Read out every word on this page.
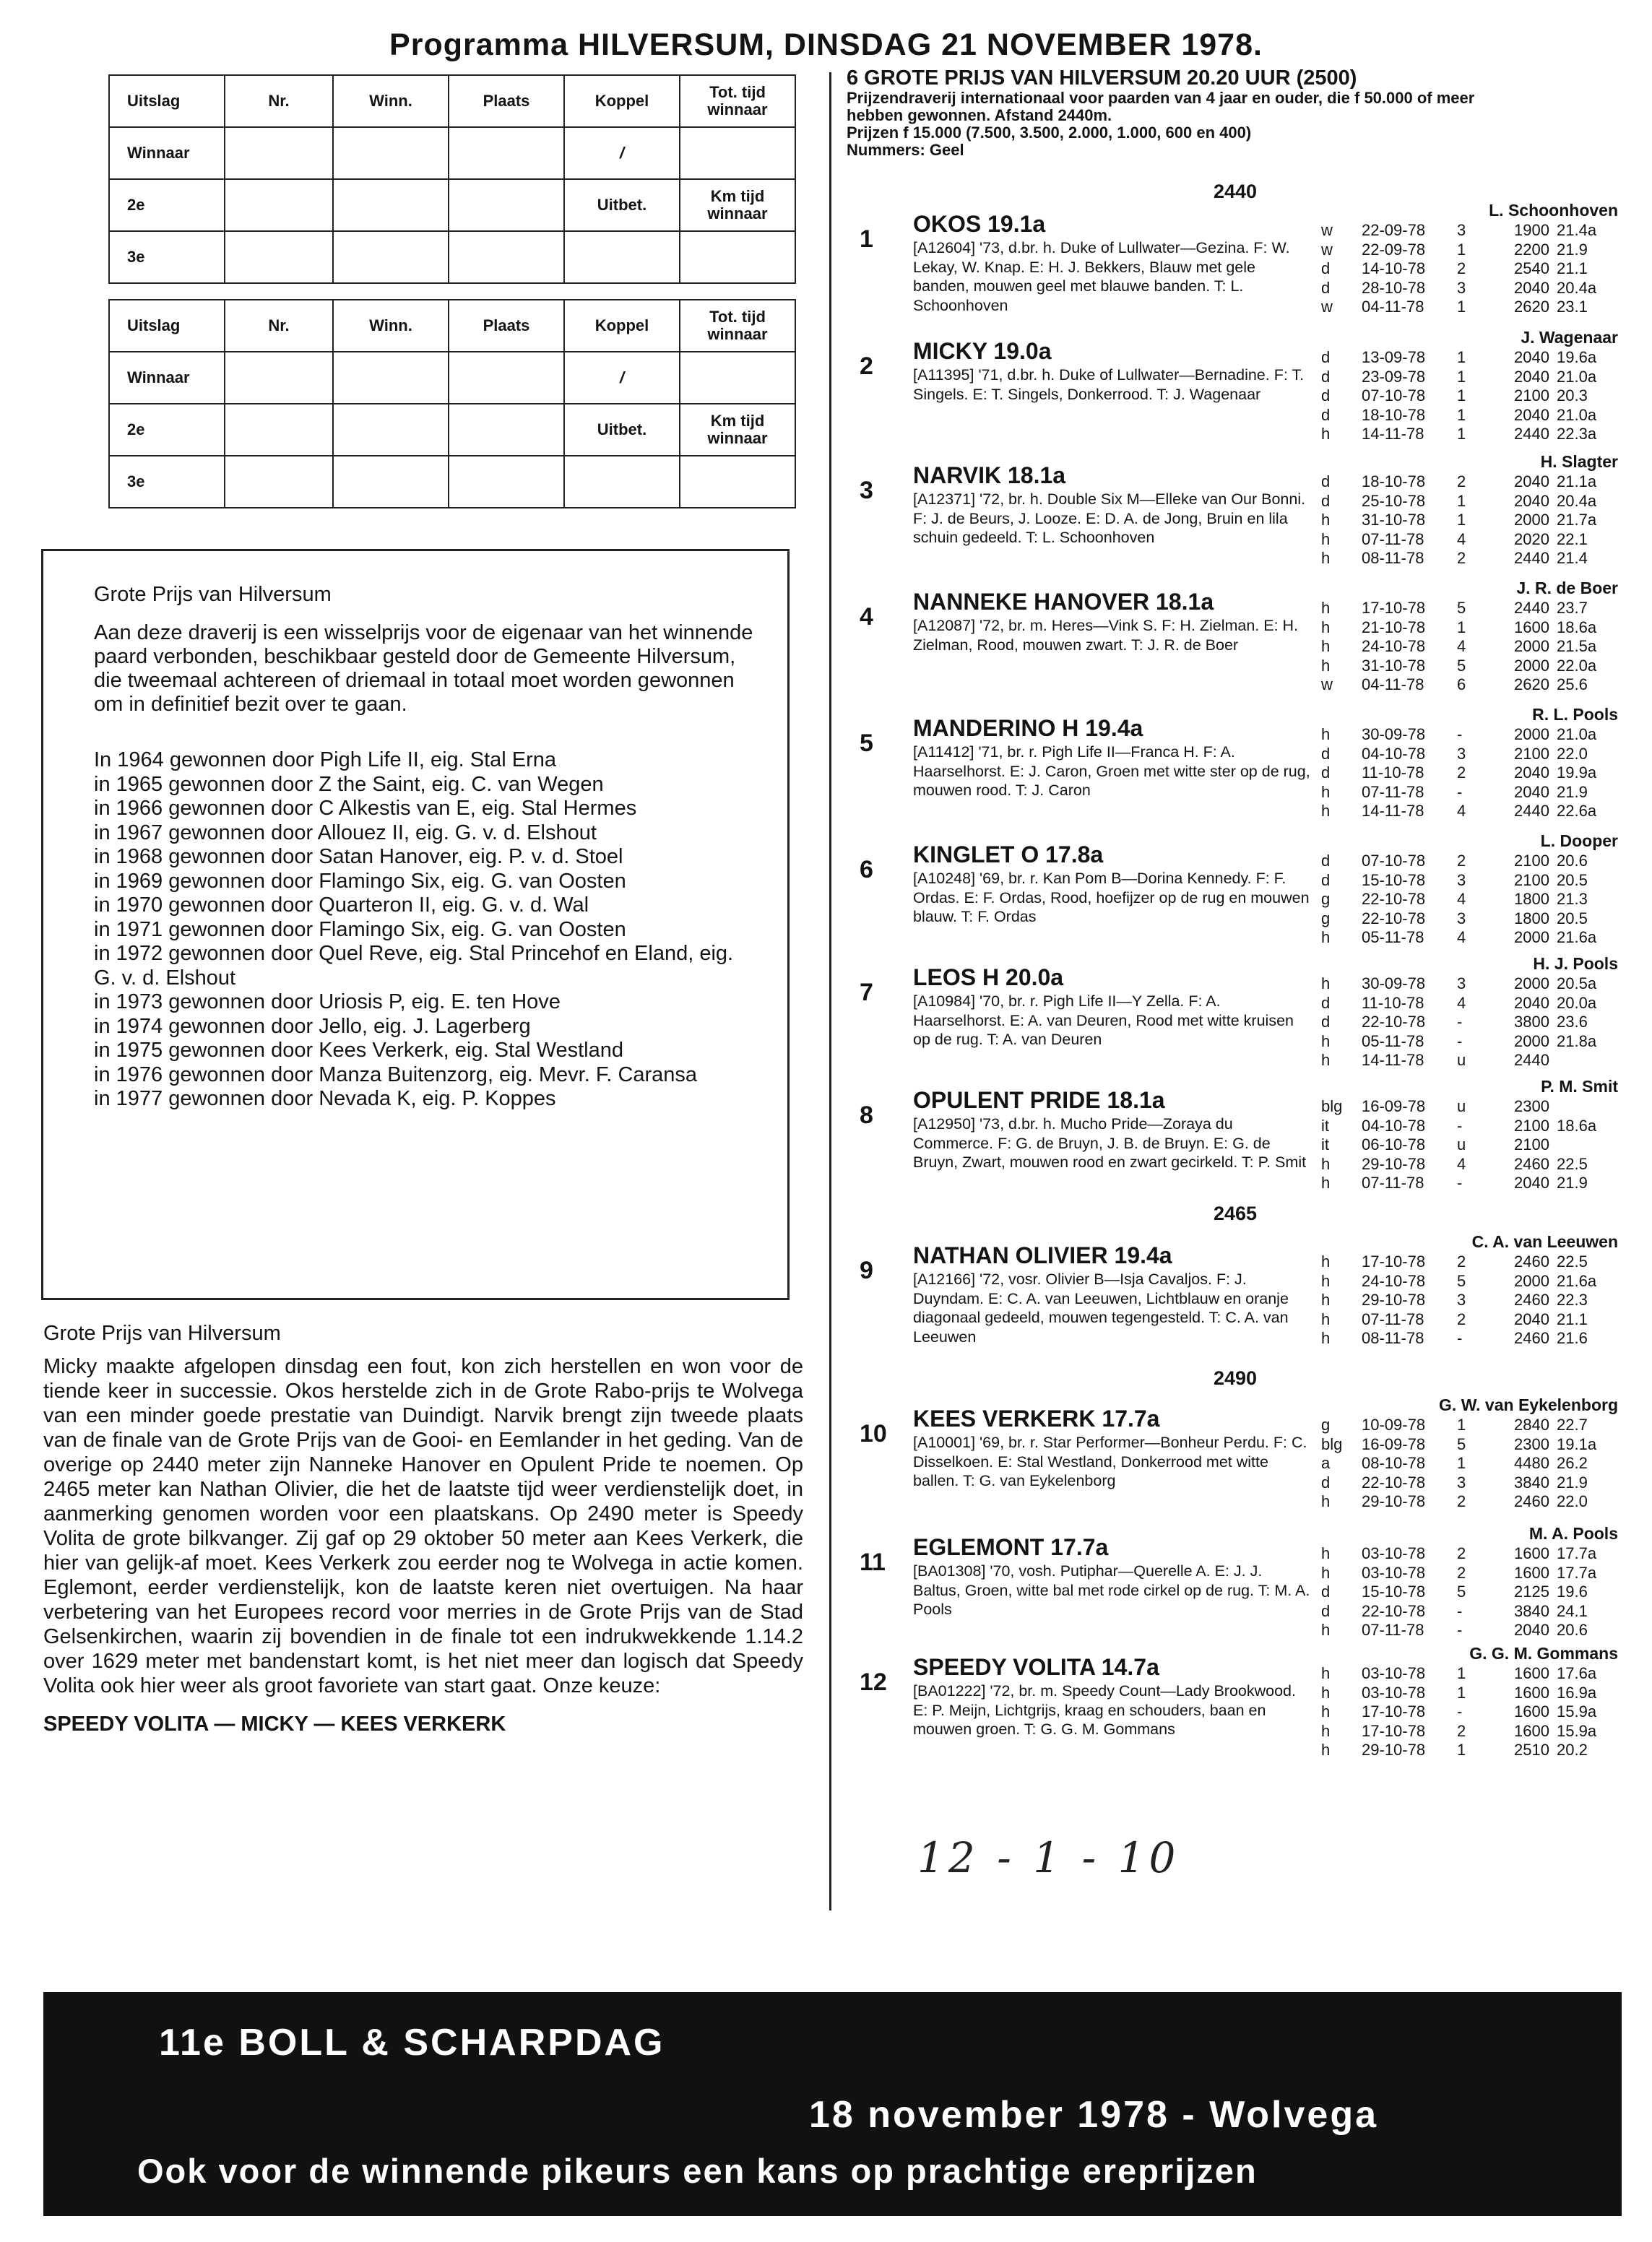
Programma HILVERSUM, DINSDAG 21 NOVEMBER 1978.
Uitslag	Nr.	Winn.	Plaats	Koppel	Tot. tijd winnaar
Winnaar				/	
2e				Uitbet.	Km tijd winnaar
3e					
Uitslag	Nr.	Winn.	Plaats	Koppel	Tot. tijd winnaar
Winnaar				/	
2e				Uitbet.	Km tijd winnaar
3e					
Grote Prijs van Hilversum

Aan deze draverij is een wisselprijs voor de eigenaar van het winnende paard verbonden, beschikbaar gesteld door de Gemeente Hilversum, die tweemaal achtereen of driemaal in totaal moet worden gewonnen om in definitief bezit over te gaan.

In 1964 gewonnen door Pigh Life II, eig. Stal Erna

in 1965 gewonnen door Z the Saint, eig. C. van Wegen

in 1966 gewonnen door C Alkestis van E, eig. Stal Hermes

in 1967 gewonnen door Allouez II, eig. G. v. d. Elshout

in 1968 gewonnen door Satan Hanover, eig. P. v. d. Stoel

in 1969 gewonnen door Flamingo Six, eig. G. van Oosten

in 1970 gewonnen door Quarteron II, eig. G. v. d. Wal

in 1971 gewonnen door Flamingo Six, eig. G. van Oosten

in 1972 gewonnen door Quel Reve, eig. Stal Princehof en Eland, eig. G. v. d. Elshout

in 1973 gewonnen door Uriosis P, eig. E. ten Hove

in 1974 gewonnen door Jello, eig. J. Lagerberg

in 1975 gewonnen door Kees Verkerk, eig. Stal Westland

in 1976 gewonnen door Manza Buitenzorg, eig. Mevr. F. Caransa

in 1977 gewonnen door Nevada K, eig. P. Koppes

Grote Prijs van Hilversum

Micky maakte afgelopen dinsdag een fout, kon zich herstellen en won voor de tiende keer in successie. Okos herstelde zich in de Grote Rabo-prijs te Wolvega van een minder goede prestatie van Duindigt. Narvik brengt zijn tweede plaats van de finale van de Grote Prijs van de Gooi- en Eemlander in het geding. Van de overige op 2440 meter zijn Nanneke Hanover en Opulent Pride te noemen. Op 2465 meter kan Nathan Olivier, die het de laatste tijd weer verdienstelijk doet, in aanmerking genomen worden voor een plaatskans. Op 2490 meter is Speedy Volita de grote bilkvanger. Zij gaf op 29 oktober 50 meter aan Kees Verkerk, die hier van gelijk-af moet. Kees Verkerk zou eerder nog te Wolvega in actie komen. Eglemont, eerder verdienstelijk, kon de laatste keren niet overtuigen. Na haar verbetering van het Europees record voor merries in de Grote Prijs van de Stad Gelsenkirchen, waarin zij bovendien in de finale tot een indrukwekkende 1.14.2 over 1629 meter met bandenstart komt, is het niet meer dan logisch dat Speedy Volita ook hier weer als groot favoriete van start gaat. Onze keuze:

SPEEDY VOLITA — MICKY — KEES VERKERK
6 GROTE PRIJS VAN HILVERSUM 20.20 UUR (2500)
Prijzendraverij internationaal voor paarden van 4 jaar en ouder, die f 50.000 of meer
hebben gewonnen. Afstand 2440m.
Prijzen f 15.000 (7.500, 3.500, 2.000, 1.000, 600 en 400)
Nummers: Geel
2440
2465
2490
1
OKOS 19.1a
[A12604] '73, d.br. h. Duke of Lullwater—Gezina. F: W. Lekay, W. Knap. E: H. J. Bekkers, Blauw met gele banden, mouwen geel met blauwe banden. T: L. Schoonhoven
L. Schoonhoven
w	22-09-78	3	1900	21.4a
w	22-09-78	1	2200	21.9
d	14-10-78	2	2540	21.1
d	28-10-78	3	2040	20.4a
w	04-11-78	1	2620	23.1
2
MICKY 19.0a
[A11395] '71, d.br. h. Duke of Lullwater—Bernadine. F: T. Singels. E: T. Singels, Donkerrood. T: J. Wagenaar
J. Wagenaar
d	13-09-78	1	2040	19.6a
d	23-09-78	1	2040	21.0a
d	07-10-78	1	2100	20.3
d	18-10-78	1	2040	21.0a
h	14-11-78	1	2440	22.3a
3
NARVIK 18.1a
[A12371] '72, br. h. Double Six M—Elleke van Our Bonni. F: J. de Beurs, J. Looze. E: D. A. de Jong, Bruin en lila schuin gedeeld. T: L. Schoonhoven
H. Slagter
d	18-10-78	2	2040	21.1a
d	25-10-78	1	2040	20.4a
h	31-10-78	1	2000	21.7a
h	07-11-78	4	2020	22.1
h	08-11-78	2	2440	21.4
4
NANNEKE HANOVER 18.1a
[A12087] '72, br. m. Heres—Vink S. F: H. Zielman. E: H. Zielman, Rood, mouwen zwart. T: J. R. de Boer
J. R. de Boer
h	17-10-78	5	2440	23.7
h	21-10-78	1	1600	18.6a
h	24-10-78	4	2000	21.5a
h	31-10-78	5	2000	22.0a
w	04-11-78	6	2620	25.6
5
MANDERINO H 19.4a
[A11412] '71, br. r. Pigh Life II—Franca H. F: A. Haarselhorst. E: J. Caron, Groen met witte ster op de rug, mouwen rood. T: J. Caron
R. L. Pools
h	30-09-78	-	2000	21.0a
d	04-10-78	3	2100	22.0
d	11-10-78	2	2040	19.9a
h	07-11-78	-	2040	21.9
h	14-11-78	4	2440	22.6a
6
KINGLET O 17.8a
[A10248] '69, br. r. Kan Pom B—Dorina Kennedy. F: F. Ordas. E: F. Ordas, Rood, hoefijzer op de rug en mouwen blauw. T: F. Ordas
L. Dooper
d	07-10-78	2	2100	20.6
d	15-10-78	3	2100	20.5
g	22-10-78	4	1800	21.3
g	22-10-78	3	1800	20.5
h	05-11-78	4	2000	21.6a
7
LEOS H 20.0a
[A10984] '70, br. r. Pigh Life II—Y Zella. F: A. Haarselhorst. E: A. van Deuren, Rood met witte kruisen op de rug. T: A. van Deuren
H. J. Pools
h	30-09-78	3	2000	20.5a
d	11-10-78	4	2040	20.0a
d	22-10-78	-	3800	23.6
h	05-11-78	-	2000	21.8a
h	14-11-78	u	2440	
8
OPULENT PRIDE 18.1a
[A12950] '73, d.br. h. Mucho Pride—Zoraya du Commerce. F: G. de Bruyn, J. B. de Bruyn. E: G. de Bruyn, Zwart, mouwen rood en zwart gecirkeld. T: P. Smit
P. M. Smit
blg	16-09-78	u	2300	
it	04-10-78	-	2100	18.6a
it	06-10-78	u	2100	
h	29-10-78	4	2460	22.5
h	07-11-78	-	2040	21.9
9
NATHAN OLIVIER 19.4a
[A12166] '72, vosr. Olivier B—Isja Cavaljos. F: J. Duyndam. E: C. A. van Leeuwen, Lichtblauw en oranje diagonaal gedeeld, mouwen tegengesteld. T: C. A. van Leeuwen
C. A. van Leeuwen
h	17-10-78	2	2460	22.5
h	24-10-78	5	2000	21.6a
h	29-10-78	3	2460	22.3
h	07-11-78	2	2040	21.1
h	08-11-78	-	2460	21.6
10
KEES VERKERK 17.7a
[A10001] '69, br. r. Star Performer—Bonheur Perdu. F: C. Disselkoen. E: Stal Westland, Donkerrood met witte ballen. T: G. van Eykelenborg
G. W. van Eykelenborg
g	10-09-78	1	2840	22.7
blg	16-09-78	5	2300	19.1a
a	08-10-78	1	4480	26.2
d	22-10-78	3	3840	21.9
h	29-10-78	2	2460	22.0
11
EGLEMONT 17.7a
[BA01308] '70, vosh. Putiphar—Querelle A. E: J. J. Baltus, Groen, witte bal met rode cirkel op de rug. T: M. A. Pools
M. A. Pools
h	03-10-78	2	1600	17.7a
h	03-10-78	2	1600	17.7a
d	15-10-78	5	2125	19.6
d	22-10-78	-	3840	24.1
h	07-11-78	-	2040	20.6
12
SPEEDY VOLITA 14.7a
[BA01222] '72, br. m. Speedy Count—Lady Brookwood. E: P. Meijn, Lichtgrijs, kraag en schouders, baan en mouwen groen. T: G. G. M. Gommans
G. G. M. Gommans
h	03-10-78	1	1600	17.6a
h	03-10-78	1	1600	16.9a
h	17-10-78	-	1600	15.9a
h	17-10-78	2	1600	15.9a
h	29-10-78	1	2510	20.2
12 - 1 - 10
11e BOLL & SCHARPDAG
18 november 1978 - Wolvega
Ook voor de winnende pikeurs een kans op prachtige ereprijzen
